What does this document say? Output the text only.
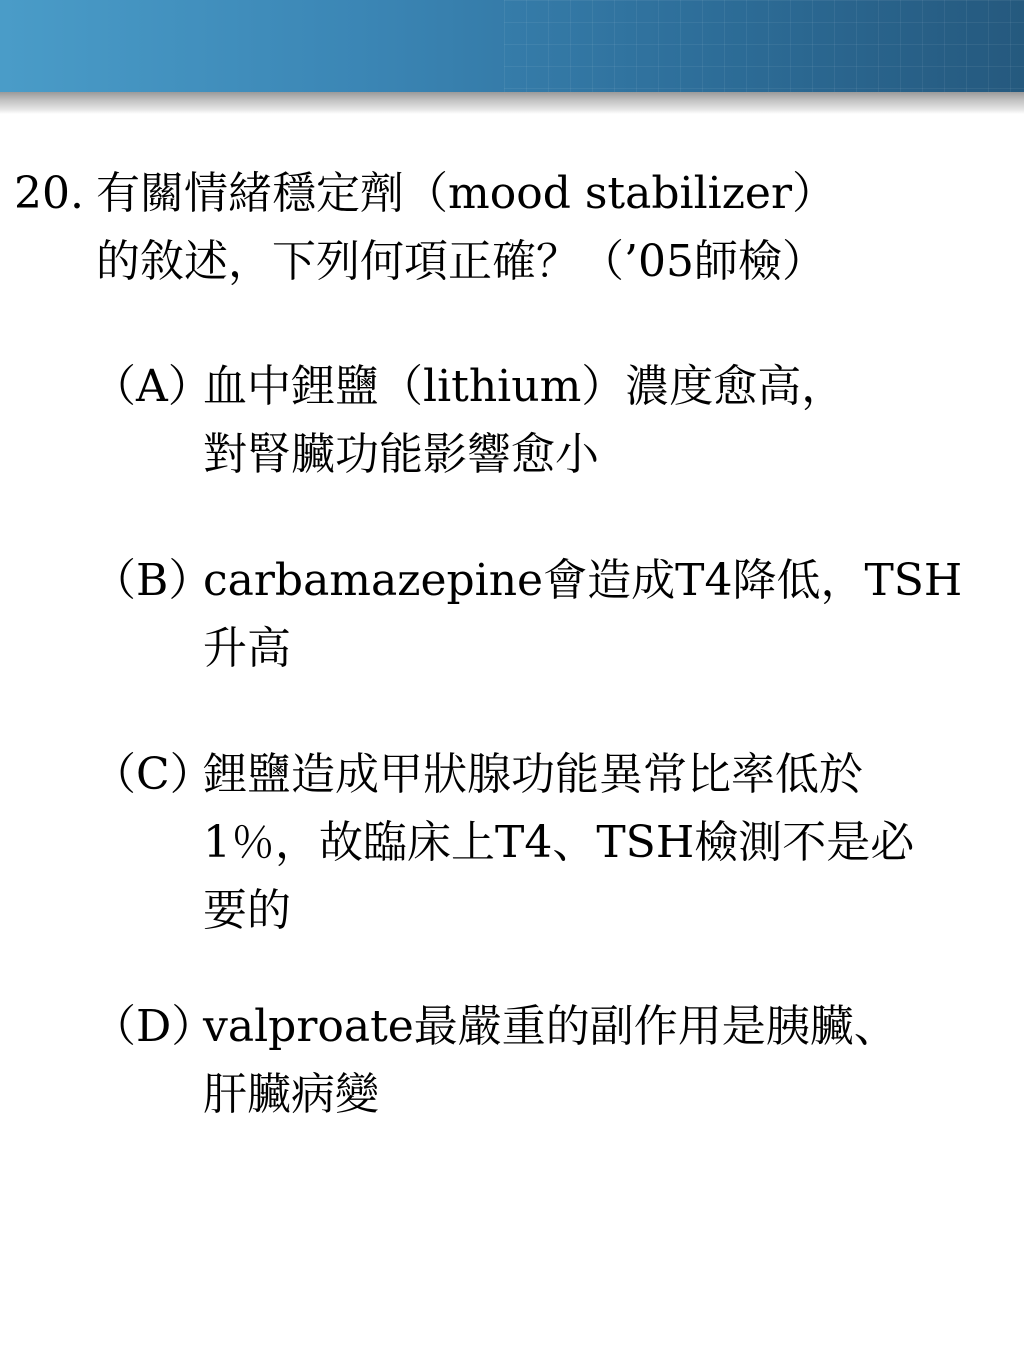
20. 有關情緒穩定劑（mood stabilizer）
的敘述，下列何項正確？（’05師檢）
（A）
血中鋰鹽（lithium）濃度愈高，
對腎臟功能影響愈小
（B）
carbamazepine會造成T4降低，TSH
升高
（C）
鋰鹽造成甲狀腺功能異常比率低於
1％，故臨床上T4、TSH檢測不是必
要的
（D）
valproate最嚴重的副作用是胰臟、
肝臟病變
